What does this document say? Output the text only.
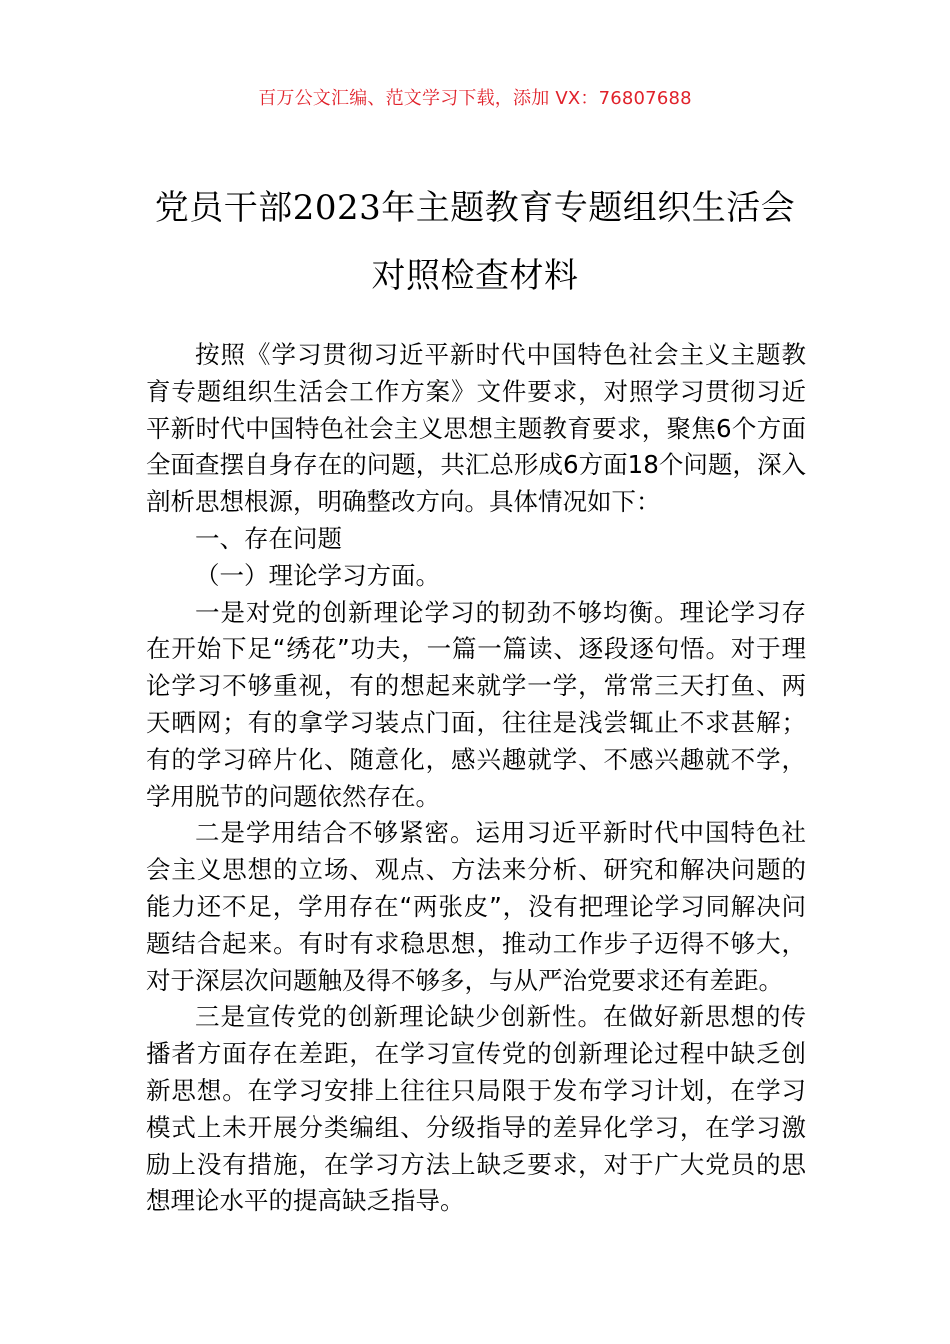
百万公文汇编、范文学习下载，添加 VX：76807688
党员干部2023年主题教育专题组织生活会
对照检查材料

按照《学习贯彻习近平新时代中国特色社会主义主题教育专题组织生活会工作方案》文件要求，对照学习贯彻习近平新时代中国特色社会主义思想主题教育要求，聚焦6个方面全面查摆自身存在的问题，共汇总形成6方面18个问题，深入剖析思想根源，明确整改方向。具体情况如下：

一、存在问题

（一）理论学习方面。

一是对党的创新理论学习的韧劲不够均衡。理论学习存在开始下足“绣花”功夫，一篇一篇读、逐段逐句悟。对于理论学习不够重视，有的想起来就学一学，常常三天打鱼、两天晒网；有的拿学习装点门面，往往是浅尝辄止不求甚解；有的学习碎片化、随意化，感兴趣就学、不感兴趣就不学，学用脱节的问题依然存在。

二是学用结合不够紧密。运用习近平新时代中国特色社会主义思想的立场、观点、方法来分析、研究和解决问题的能力还不足，学用存在“两张皮”，没有把理论学习同解决问题结合起来。有时有求稳思想，推动工作步子迈得不够大，对于深层次问题触及得不够多，与从严治党要求还有差距。

三是宣传党的创新理论缺少创新性。在做好新思想的传播者方面存在差距，在学习宣传党的创新理论过程中缺乏创新思想。在学习安排上往往只局限于发布学习计划，在学习模式上未开展分类编组、分级指导的差异化学习，在学习激励上没有措施，在学习方法上缺乏要求，对于广大党员的思想理论水平的提高缺乏指导。
